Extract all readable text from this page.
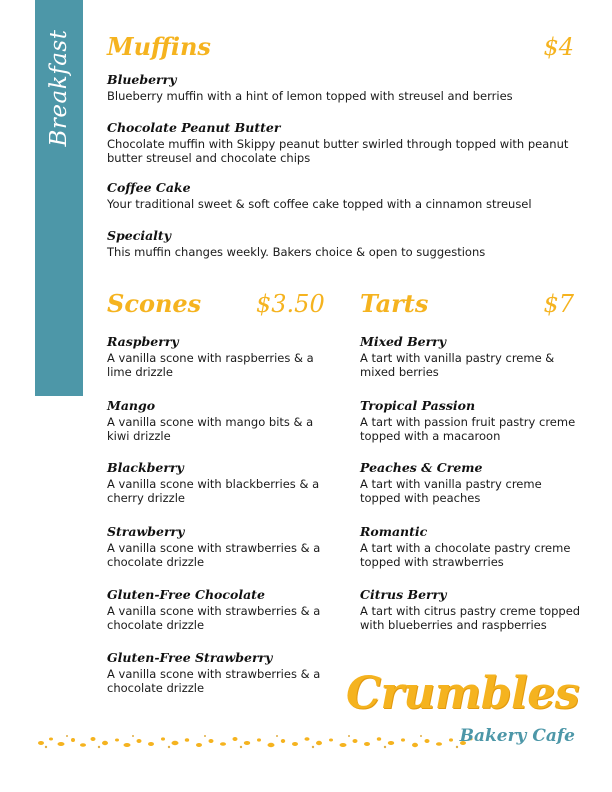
Breakfast Muffins	$4
Blueberry
Blueberry muffin with a hint of lemon topped with streusel and berries
Chocolate Peanut Butter
Chocolate muffin with Skippy peanut butter swirled through topped with peanut butter streusel and chocolate chips
Coffee Cake
Your traditional sweet & soft coffee cake topped with a cinnamon streusel
Specialty
This muffin changes weekly. Bakers choice & open to suggestions
Scones $3.50
Raspberry
A vanilla scone with raspberries & a lime drizzle
Mango
A vanilla scone with mango bits & a kiwi drizzle
Blackberry
A vanilla scone with blackberries & a cherry drizzle
Strawberry
A vanilla scone with strawberries & a chocolate drizzle
Gluten-Free Chocolate
A vanilla scone with strawberries & a chocolate drizzle
Gluten-Free Strawberry
A vanilla scone with strawberries & a chocolate drizzle
Tarts	$7
Mixed Berry
A tart with vanilla pastry creme & mixed berries
Tropical Passion
A tart with passion fruit pastry creme topped with a macaroon
Peaches & Creme
A tart with vanilla pastry creme topped with peaches
Romantic
A tart with a chocolate pastry creme topped with strawberries
Citrus Berry
A tart with citrus pastry creme topped with blueberries and raspberries
Crumbles
Bakery Cafe
